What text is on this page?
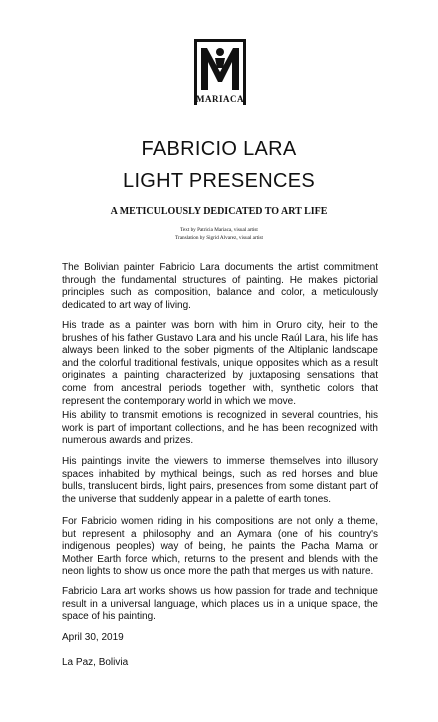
MARIACA
FABRICIO LARA
LIGHT PRESENCES
A METICULOUSLY DEDICATED TO ART LIFE
Text by Patricia Mariaca, visual artist
Translation by Sigrid Alvarez, visual artist

The Bolivian painter Fabricio Lara documents the artist commitment through the fundamental structures of painting. He makes pictorial principles such as composition, balance and color, a meticulously dedicated to art way of living.

His trade as a painter was born with him in Oruro city, heir to the brushes of his father Gustavo Lara and his uncle Raúl Lara, his life has always been linked to the sober pigments of the Altiplanic landscape and the colorful traditional festivals, unique opposites which as a result originates a painting characterized by juxtaposing sensations that come from ancestral periods together with, synthetic colors that represent the contemporary world in which we move.

His ability to transmit emotions is recognized in several countries, his work is part of important collections, and he has been recognized with numerous awards and prizes.

His paintings invite the viewers to immerse themselves into illusory spaces inhabited by mythical beings, such as red horses and blue bulls, translucent birds, light pairs, presences from some distant part of the universe that suddenly appear in a palette of earth tones.

For Fabricio women riding in his compositions are not only a theme, but represent a philosophy and an Aymara (one of his country's indigenous peoples) way of being, he paints the Pacha Mama or Mother Earth force which, returns to the present and blends with the neon lights to show us once more the path that merges us with nature.

Fabricio Lara art works shows us how passion for trade and technique result in a universal language, which places us in a unique space, the space of his painting.

April 30, 2019
La Paz, Bolivia
